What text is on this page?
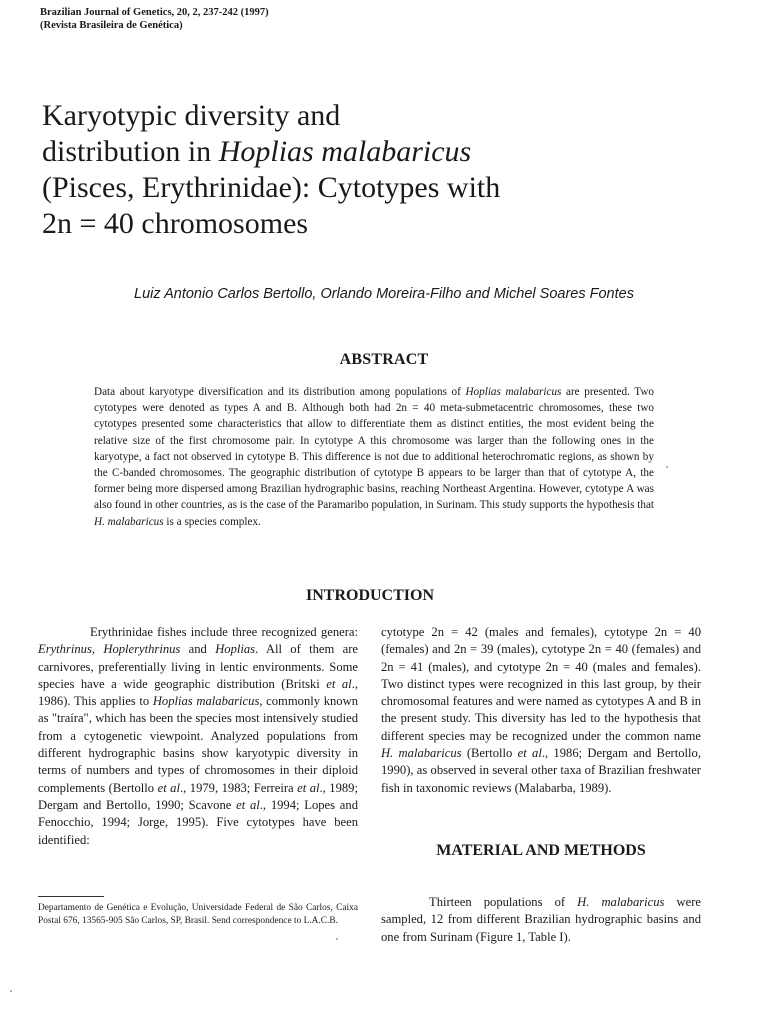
Brazilian Journal of Genetics, 20, 2, 237-242 (1997)
(Revista Brasileira de Genética)
Karyotypic diversity and
distribution in Hoplias malabaricus
(Pisces, Erythrinidae): Cytotypes with
2n = 40 chromosomes
Luiz Antonio Carlos Bertollo, Orlando Moreira-Filho and Michel Soares Fontes
ABSTRACT
Data about karyotype diversification and its distribution among populations of Hoplias malabaricus are presented. Two cytotypes were denoted as types A and B. Although both had 2n = 40 meta-submetacentric chromosomes, these two cytotypes presented some characteristics that allow to differentiate them as distinct entities, the most evident being the relative size of the first chromosome pair. In cytotype A this chromosome was larger than the following ones in the karyotype, a fact not observed in cytotype B. This difference is not due to additional heterochromatic regions, as shown by the C-banded chromosomes. The geographic distribution of cytotype B appears to be larger than that of cytotype A, the former being more dispersed among Brazilian hydrographic basins, reaching Northeast Argentina. However, cytotype A was also found in other countries, as is the case of the Paramaribo population, in Surinam. This study supports the hypothesis that H. malabaricus is a species complex.
INTRODUCTION
Erythrinidae fishes include three recognized genera: Erythrinus, Hoplerythrinus and Hoplias. All of them are carnivores, preferentially living in lentic environments. Some species have a wide geographic distribution (Britski et al., 1986). This applies to Hoplias malabaricus, commonly known as "traíra", which has been the species most intensively studied from a cytogenetic viewpoint. Analyzed populations from different hydrographic basins show karyotypic diversity in terms of numbers and types of chromosomes in their diploid complements (Bertollo et al., 1979, 1983; Ferreira et al., 1989; Dergam and Bertollo, 1990; Scavone et al., 1994; Lopes and Fenocchio, 1994; Jorge, 1995). Five cytotypes have been identified:
cytotype 2n = 42 (males and females), cytotype 2n = 40 (females) and 2n = 39 (males), cytotype 2n = 40 (females) and 2n = 41 (males), and cytotype 2n = 40 (males and females). Two distinct types were recognized in this last group, by their chromosomal features and were named as cytotypes A and B in the present study. This diversity has led to the hypothesis that different species may be recognized under the common name H. malabaricus (Bertollo et al., 1986; Dergam and Bertollo, 1990), as observed in several other taxa of Brazilian freshwater fish in taxonomic reviews (Malabarba, 1989).
MATERIAL AND METHODS
Thirteen populations of H. malabaricus were sampled, 12 from different Brazilian hydrographic basins and one from Surinam (Figure 1, Table I).
Departamento de Genética e Evolução, Universidade Federal de São Carlos, Caixa Postal 676, 13565-905 São Carlos, SP, Brasil. Send correspondence to L.A.C.B.
